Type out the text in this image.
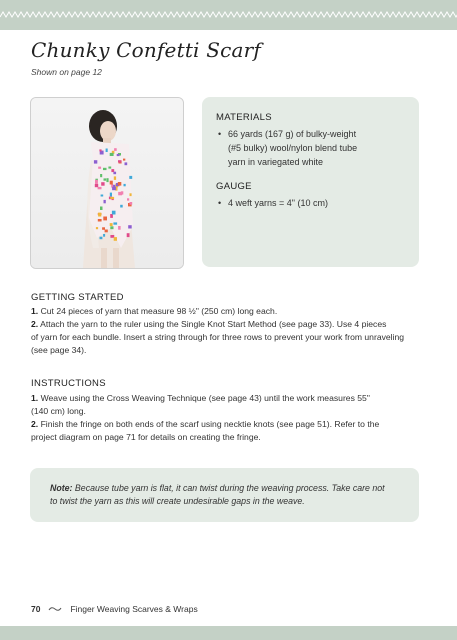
Chunky Confetti Scarf

Shown on page 12

MATERIALS
• 66 yards (167 g) of bulky-weight
(#5 bulky) wool/nylon blend tube
yarn in variegated white
GAUGE
• 4 weft yarns = 4" (10 cm)
GETTING STARTED

1. Cut 24 pieces of yarn that measure 98 ½" (250 cm) long each.

2. Attach the yarn to the ruler using the Single Knot Start Method (see page 33). Use 4 pieces
of yarn for each bundle. Insert a string through for three rows to prevent your work from unraveling
(see page 34).

INSTRUCTIONS

1. Weave using the Cross Weaving Technique (see page 43) until the work measures 55"
(140 cm) long.

2. Finish the fringe on both ends of the scarf using necktie knots (see page 51). Refer to the
project diagram on page 71 for details on creating the fringe.

Note: Because tube yarn is flat, it can twist during the weaving process. Take care not
to twist the yarn as this will create undesirable gaps in the weave.

70	Finger Weaving Scarves & Wraps
